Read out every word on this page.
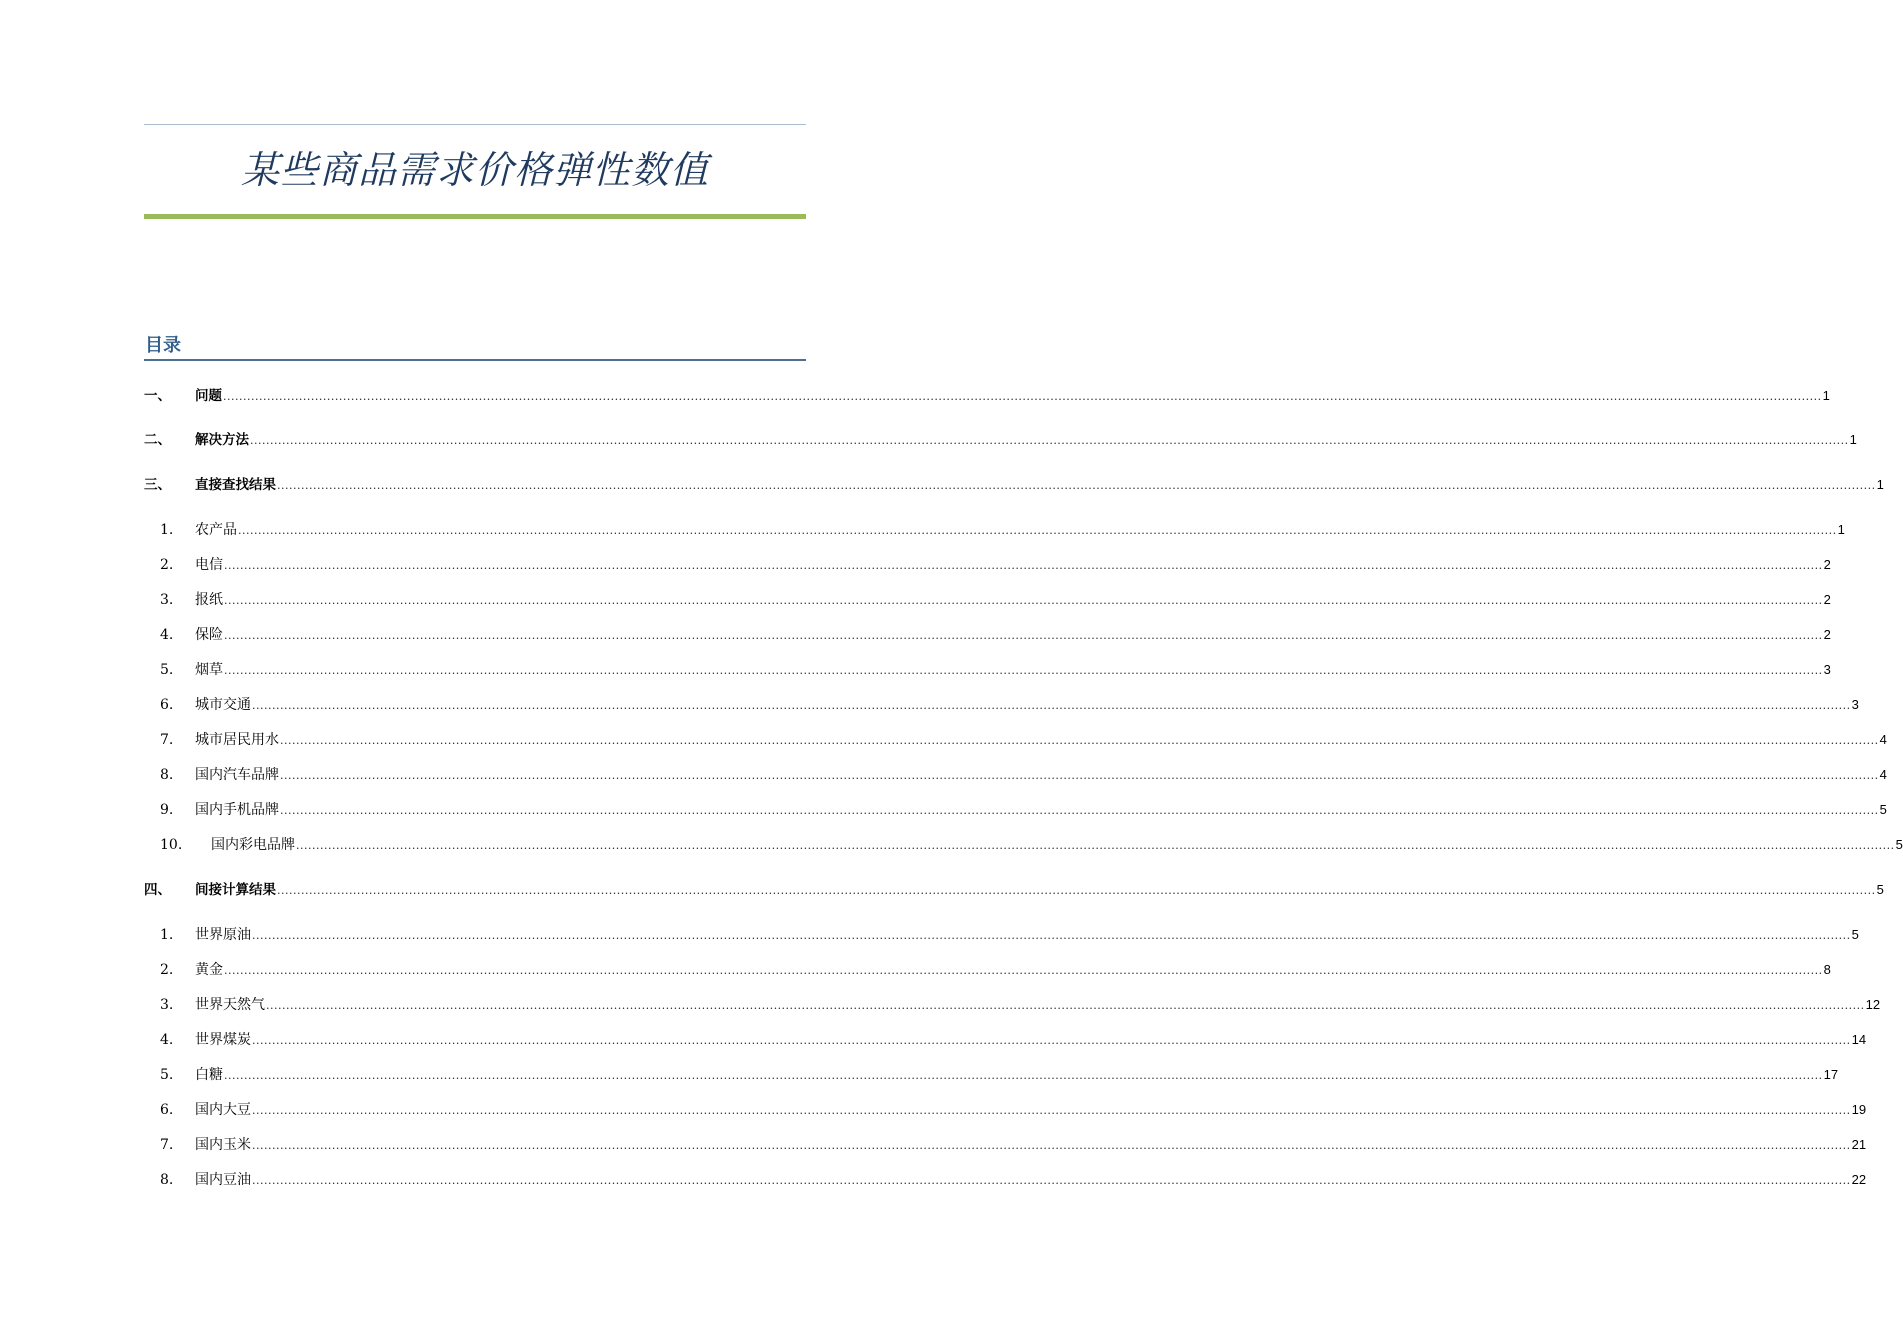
某些商品需求价格弹性数值
目录
一、 问题 ................................................................................................................................................................................................................................................................................................................................................................................................................ 1
二、 解决方法 ................................................................................................................................................................................................................................................................................................................................................................................................................ 1
三、 直接查找结果 ................................................................................................................................................................................................................................................................................................................................................................................................................ 1
1. 农产品 ................................................................................................................................................................................................................................................................................................................................................................................................................ 1
2. 电信 ................................................................................................................................................................................................................................................................................................................................................................................................................ 2
3. 报纸 ................................................................................................................................................................................................................................................................................................................................................................................................................ 2
4. 保险 ................................................................................................................................................................................................................................................................................................................................................................................................................ 2
5. 烟草 ................................................................................................................................................................................................................................................................................................................................................................................................................ 3
6. 城市交通 ................................................................................................................................................................................................................................................................................................................................................................................................................ 3
7. 城市居民用水 ................................................................................................................................................................................................................................................................................................................................................................................................................ 4
8. 国内汽车品牌 ................................................................................................................................................................................................................................................................................................................................................................................................................ 4
9. 国内手机品牌 ................................................................................................................................................................................................................................................................................................................................................................................................................ 5
10. 国内彩电品牌 ................................................................................................................................................................................................................................................................................................................................................................................................................ 5
四、 间接计算结果 ................................................................................................................................................................................................................................................................................................................................................................................................................ 5
1. 世界原油 ................................................................................................................................................................................................................................................................................................................................................................................................................ 5
2. 黄金 ................................................................................................................................................................................................................................................................................................................................................................................................................ 8
3. 世界天然气 ................................................................................................................................................................................................................................................................................................................................................................................................................ 12
4. 世界煤炭 ................................................................................................................................................................................................................................................................................................................................................................................................................ 14
5. 白糖 ................................................................................................................................................................................................................................................................................................................................................................................................................ 17
6. 国内大豆 ................................................................................................................................................................................................................................................................................................................................................................................................................ 19
7. 国内玉米 ................................................................................................................................................................................................................................................................................................................................................................................................................ 21
8. 国内豆油 ................................................................................................................................................................................................................................................................................................................................................................................................................ 22
